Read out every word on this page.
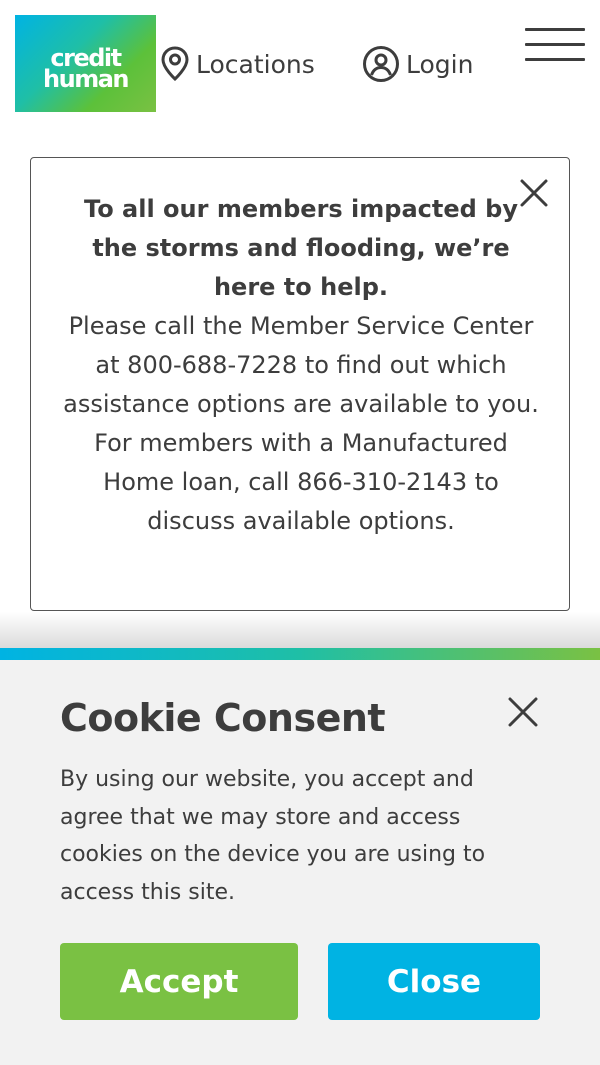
credit
human
Locations	Login
To all our members impacted by the storms and flooding, we’re here to help.
Please call the Member Service Center at 800-688-7228 to find out which assistance options are available to you. For members with a Manufactured Home loan, call 866-310-2143 to discuss available options.
Cookie Consent

By using our website, you accept and agree that we may store and access cookies on the device you are using to access this site.

Accept	Close
